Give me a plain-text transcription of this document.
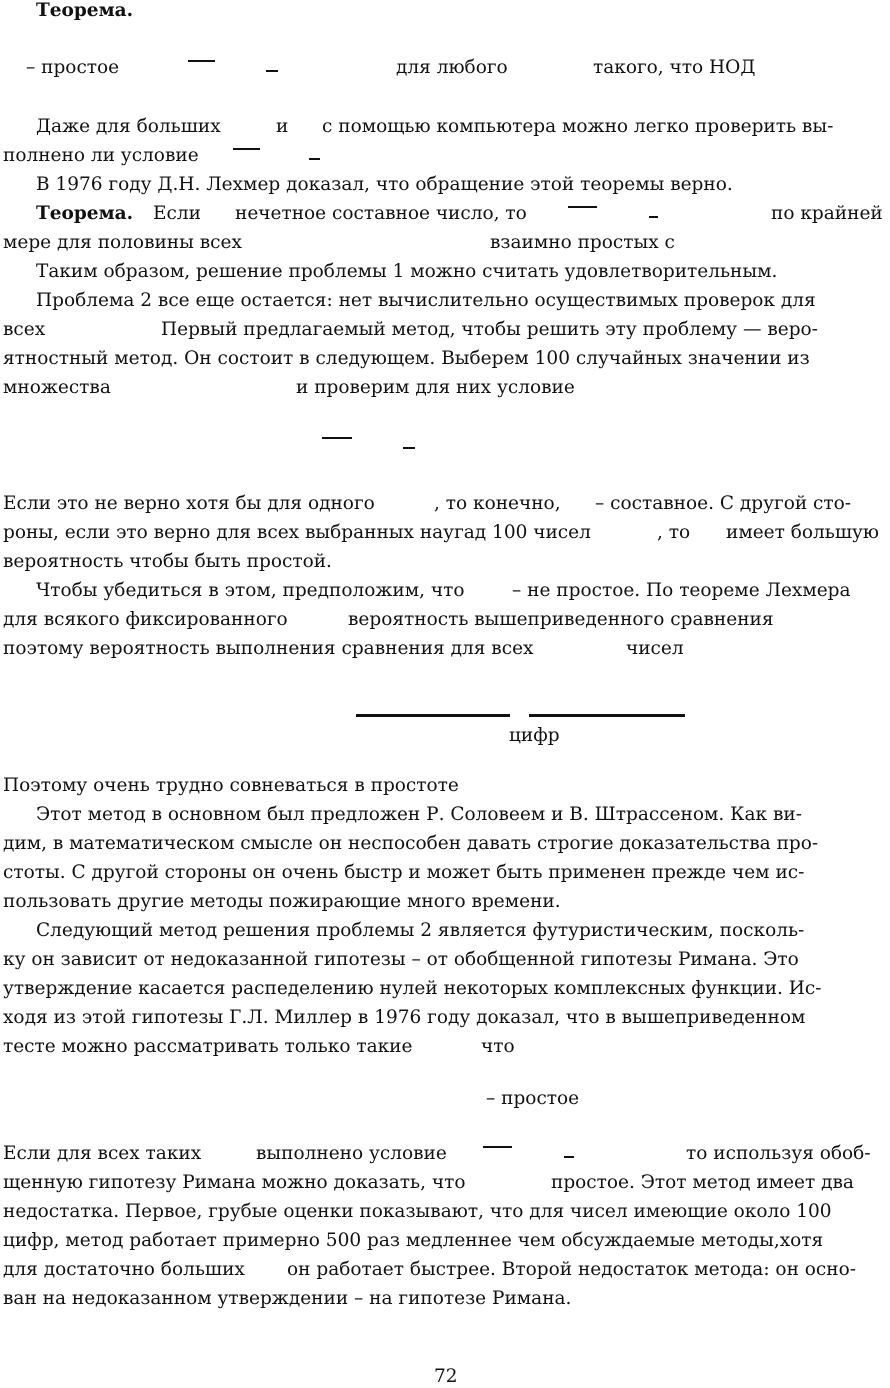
Теорема.
– простое	для любого	такого, что НОД
Даже для больших	и с помощью компьютера можно легко проверить вы-
полнено ли условие
В 1976 году Д.Н. Лехмер доказал, что обращение этой теоремы верно.
Теорема. Если нечетное составное число, то	по крайней
мере для половины всех	взаимно простых с
Таким образом, решение проблемы 1 можно считать удовлетворительным.
Проблема 2 все еще остается: нет вычислительно осуществимых проверок для
всех	Первый предлагаемый метод, чтобы решить эту проблему — веро-
ятностный метод. Он состоит в следующем. Выберем 100 случайных значении из
множества	и проверим для них условие
Если это не верно хотя бы для одного	, то конечно, – составное. С другой сто-
роны, если это верно для всех выбранных наугад 100 чисел	, то имеет большую
вероятность чтобы быть простой.
Чтобы убедиться в этом, предположим, что	– не простое. По теореме Лехмера
для всякого фиксированного	вероятность вышеприведенного сравнения
поэтому вероятность выполнения сравнения для всех	чисел
цифр
Поэтому очень трудно совневаться в простоте
Этот метод в основном был предложен Р. Соловеем и В. Штрассеном. Как ви-
дим, в математическом смысле он неспособен давать строгие доказательства про-
стоты. С другой стороны он очень быстр и может быть применен прежде чем ис-
пользовать другие методы пожирающие много времени.
Следующий метод решения проблемы 2 является футуристическим, посколь-
ку он зависит от недоказанной гипотезы – от обобщенной гипотезы Римана. Это
утверждение касается распеделению нулей некоторых комплексных функции. Ис-
ходя из этой гипотезы Г.Л. Миллер в 1976 году доказал, что в вышеприведенном
тесте можно рассматривать только такие	что
– простое
Если для всех таких	выполнено условие	то используя обоб-
щенную гипотезу Римана можно доказать, что	простое. Этот метод имеет два
недостатка. Первое, грубые оценки показывают, что для чисел имеющие около 100
цифр, метод работает примерно 500 раз медленнее чем обсуждаемые методы,хотя
для достаточно больших он работает быстрее. Второй недостаток метода: он осно-
ван на недоказанном утверждении – на гипотезе Римана.
72
